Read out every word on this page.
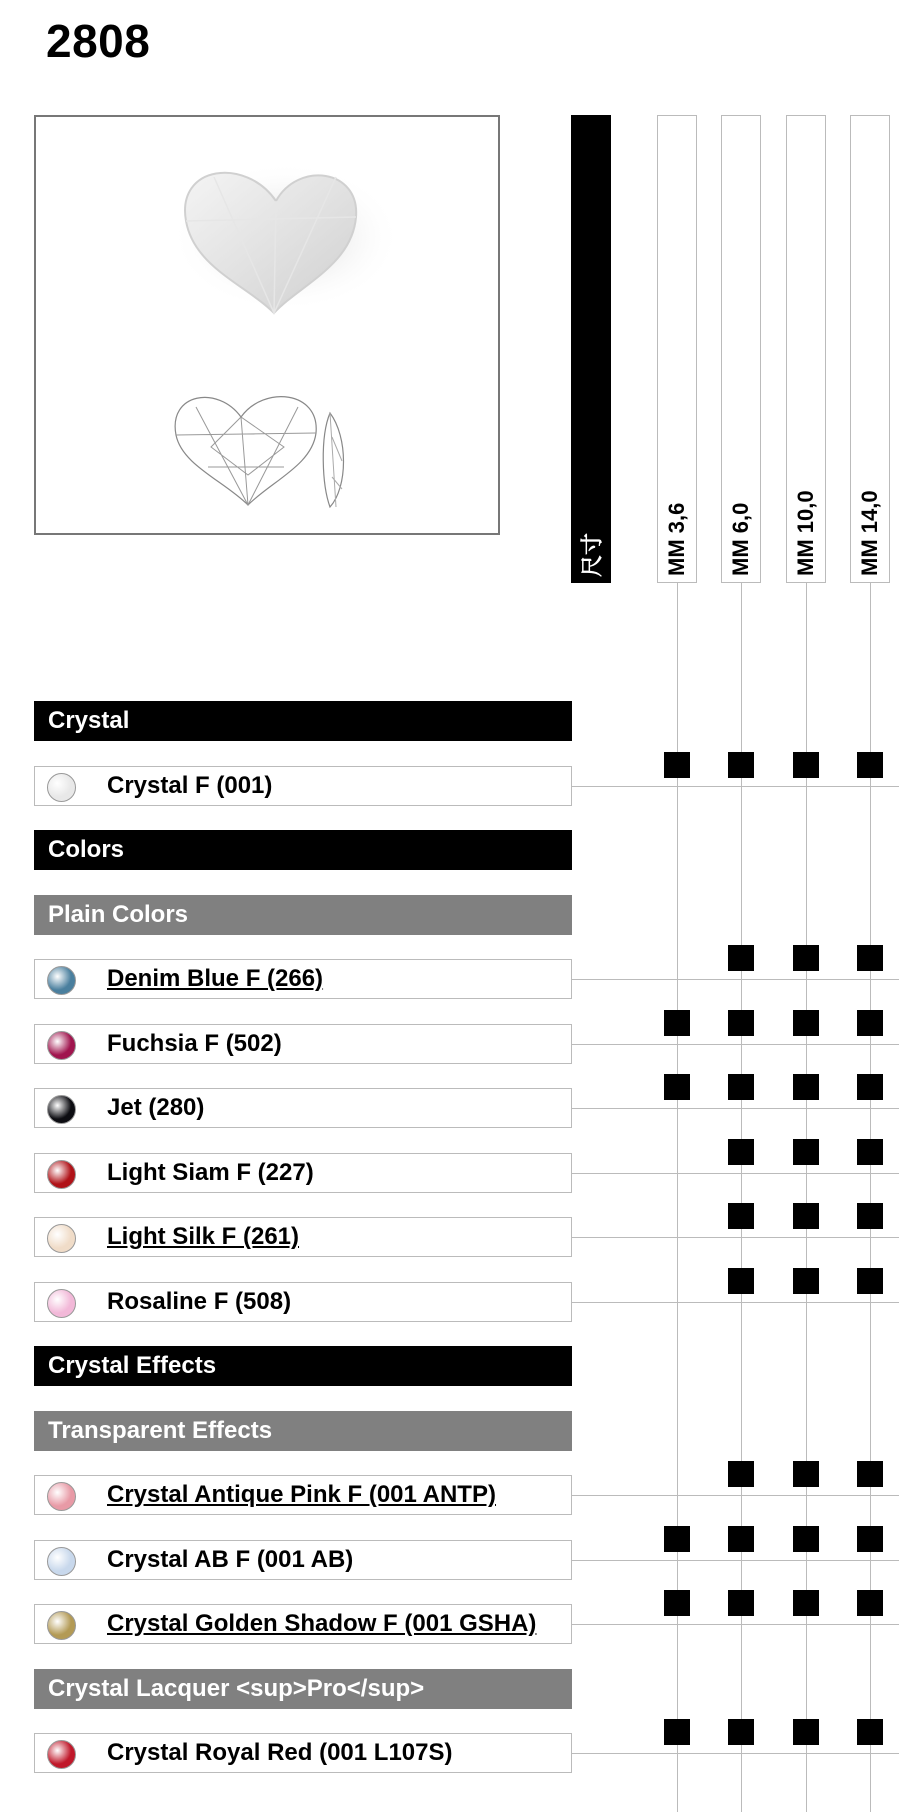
2808
尺寸	MM 3,6 MM 6,0 MM 10,0 MM 14,0
Crystal
Crystal F (001)
Colors
Plain Colors
Denim Blue F (266)
Fuchsia F (502)
Jet (280)
Light Siam F (227)
Light Silk F (261)
Rosaline F (508)
Crystal Effects
Transparent Effects
Crystal Antique Pink F (001 ANTP)
Crystal AB F (001 AB)
Crystal Golden Shadow F (001 GSHA)
Crystal Lacquer <sup>Pro</sup>
Crystal Royal Red (001 L107S)
